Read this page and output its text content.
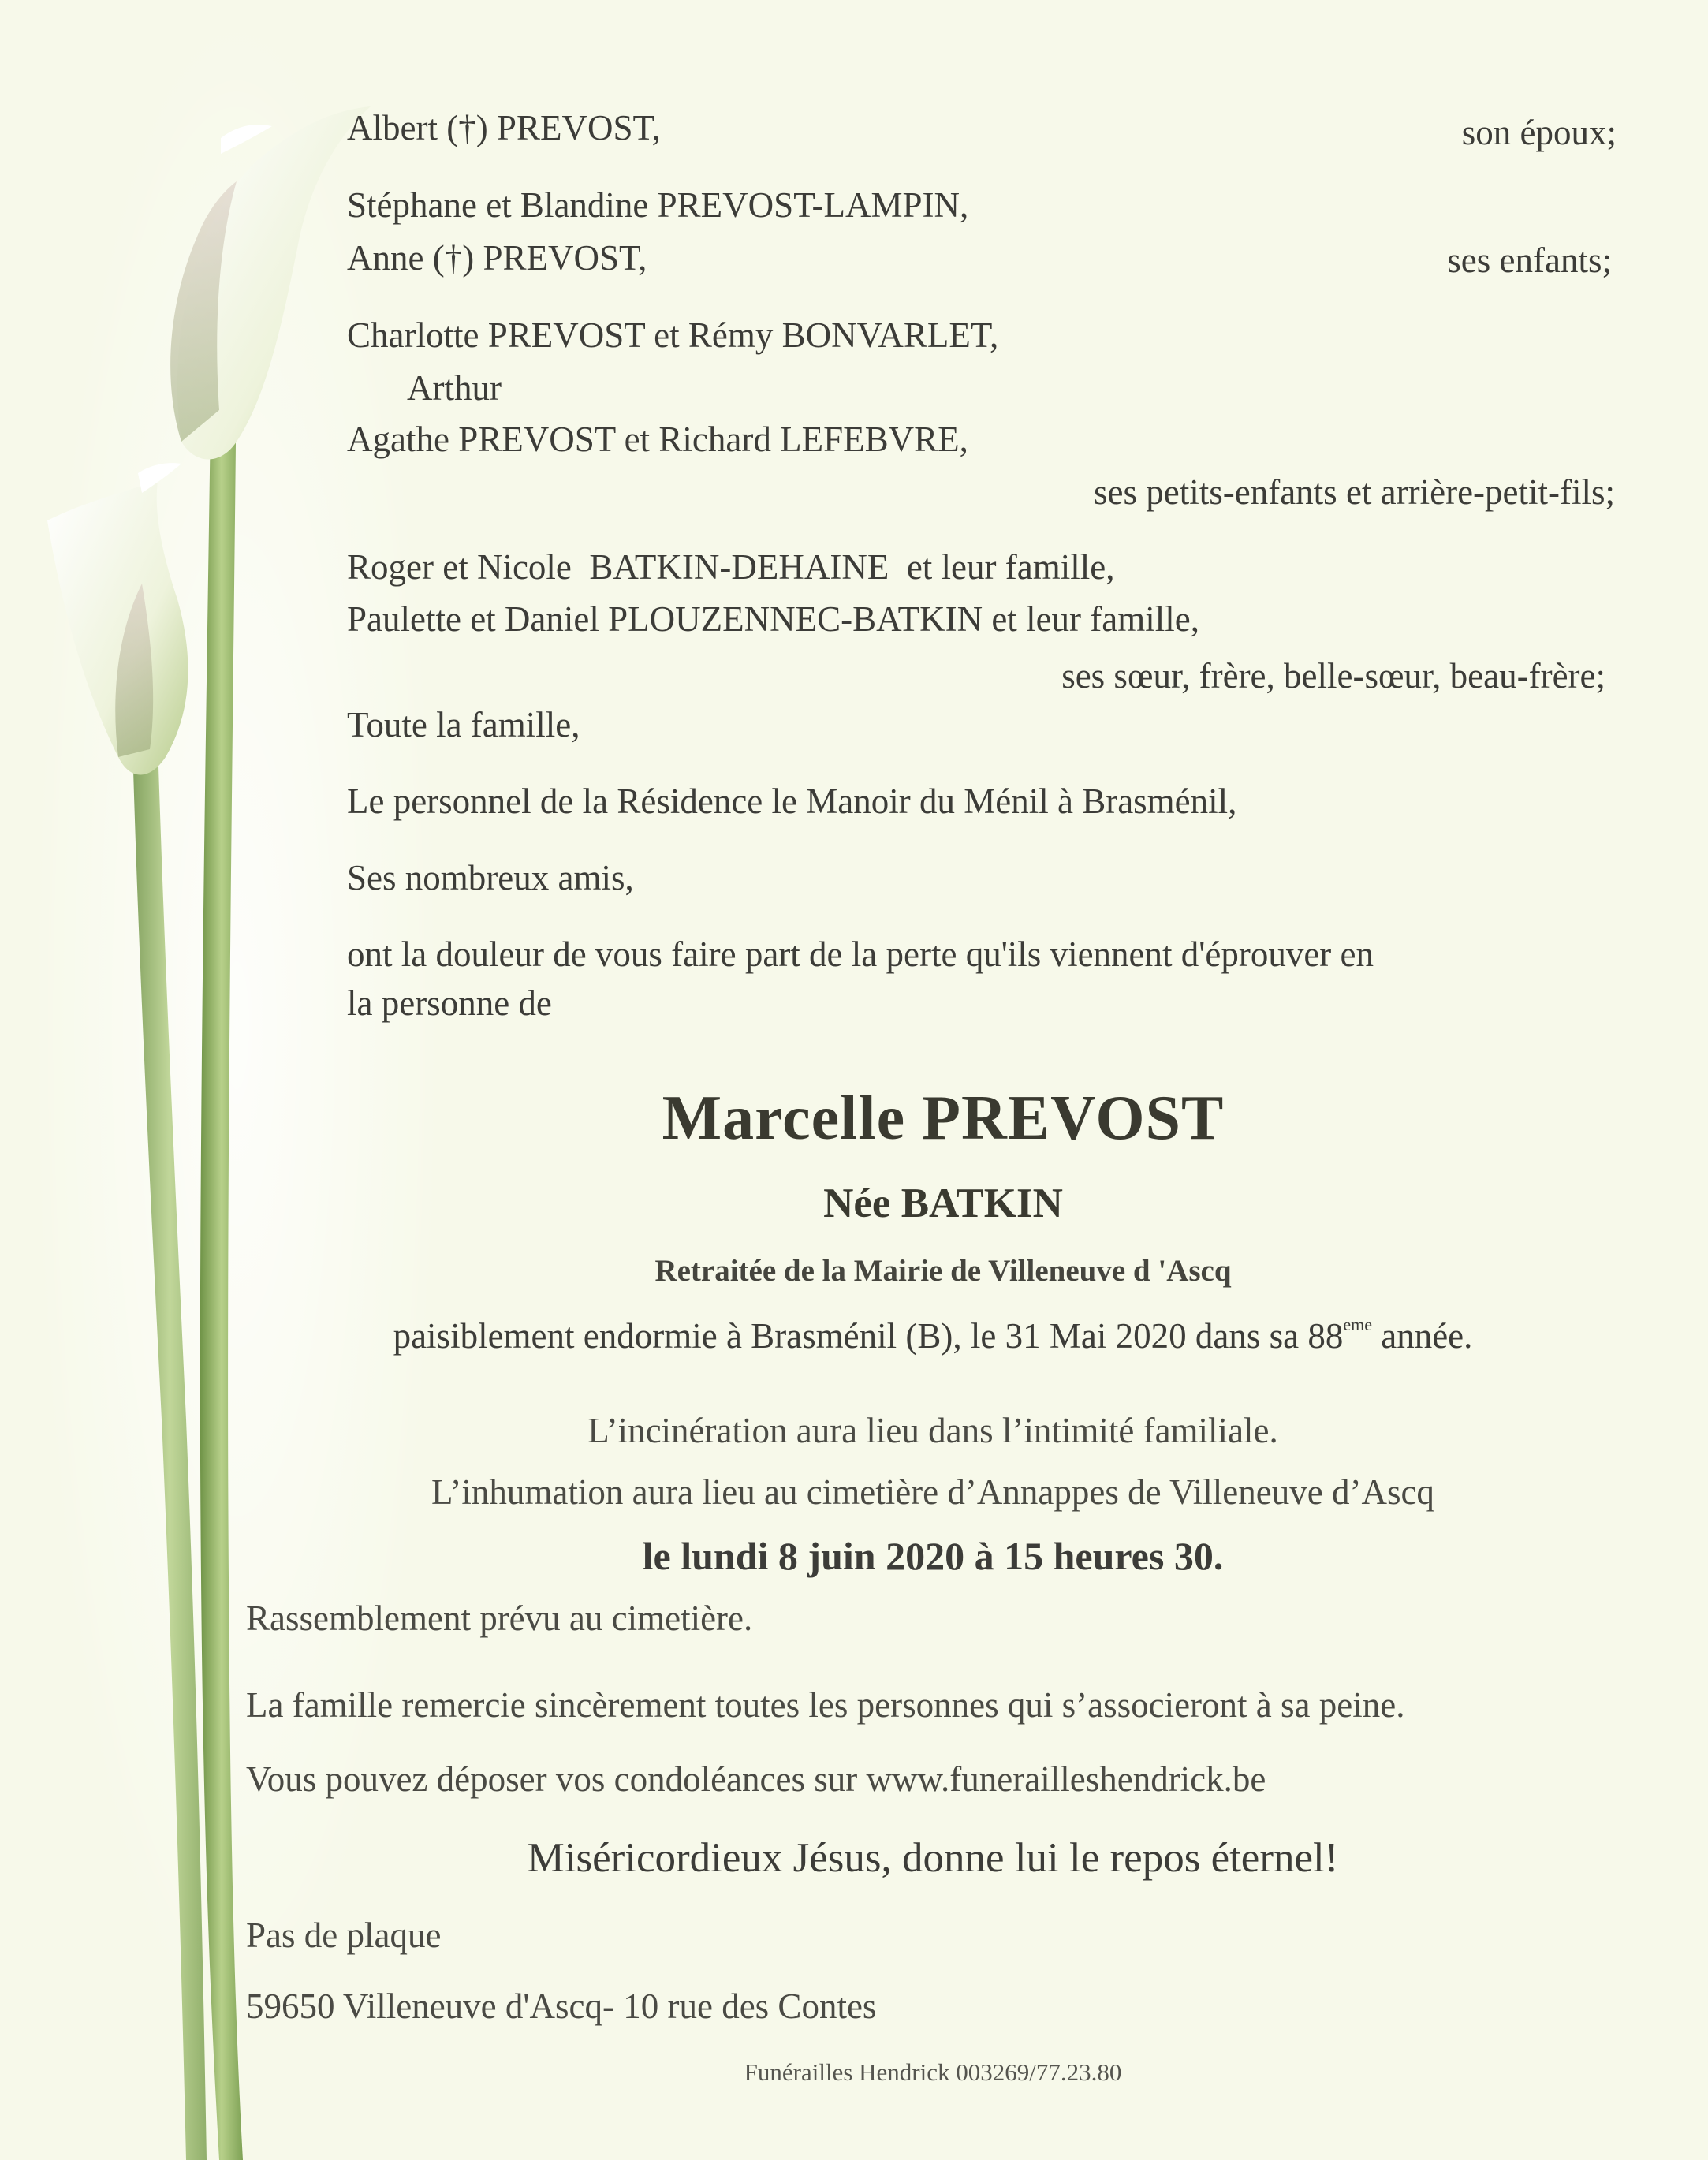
Albert (†) PREVOST,	son époux;
Stéphane et Blandine PREVOST-LAMPIN,
Anne (†) PREVOST,	ses enfants;
Charlotte PREVOST et Rémy BONVARLET,
Arthur
Agathe PREVOST et Richard LEFEBVRE,
ses petits-enfants et arrière-petit-fils;
Roger et Nicole  BATKIN-DEHAINE  et leur famille,
Paulette et Daniel PLOUZENNEC-BATKIN et leur famille,
ses sœur, frère, belle-sœur, beau-frère;
Toute la famille,
Le personnel de la Résidence le Manoir du Ménil à Brasménil,
Ses nombreux amis,
ont la douleur de vous faire part de la perte qu'ils viennent d'éprouver en
la personne de
Marcelle PREVOST
Née BATKIN
Retraitée de la Mairie de Villeneuve d 'Ascq
paisiblement endormie à Brasménil (B), le 31 Mai 2020 dans sa 88eme année.
L’incinération aura lieu dans l’intimité familiale.
L’inhumation aura lieu au cimetière d’Annappes de Villeneuve d’Ascq
le lundi 8 juin 2020 à 15 heures 30.
Rassemblement prévu au cimetière.
La famille remercie sincèrement toutes les personnes qui s’associeront à sa peine.
Vous pouvez déposer vos condoléances sur www.funerailleshendrick.be
Miséricordieux Jésus, donne lui le repos éternel!
Pas de plaque
59650 Villeneuve d'Ascq- 10 rue des Contes
Funérailles Hendrick 003269/77.23.80
